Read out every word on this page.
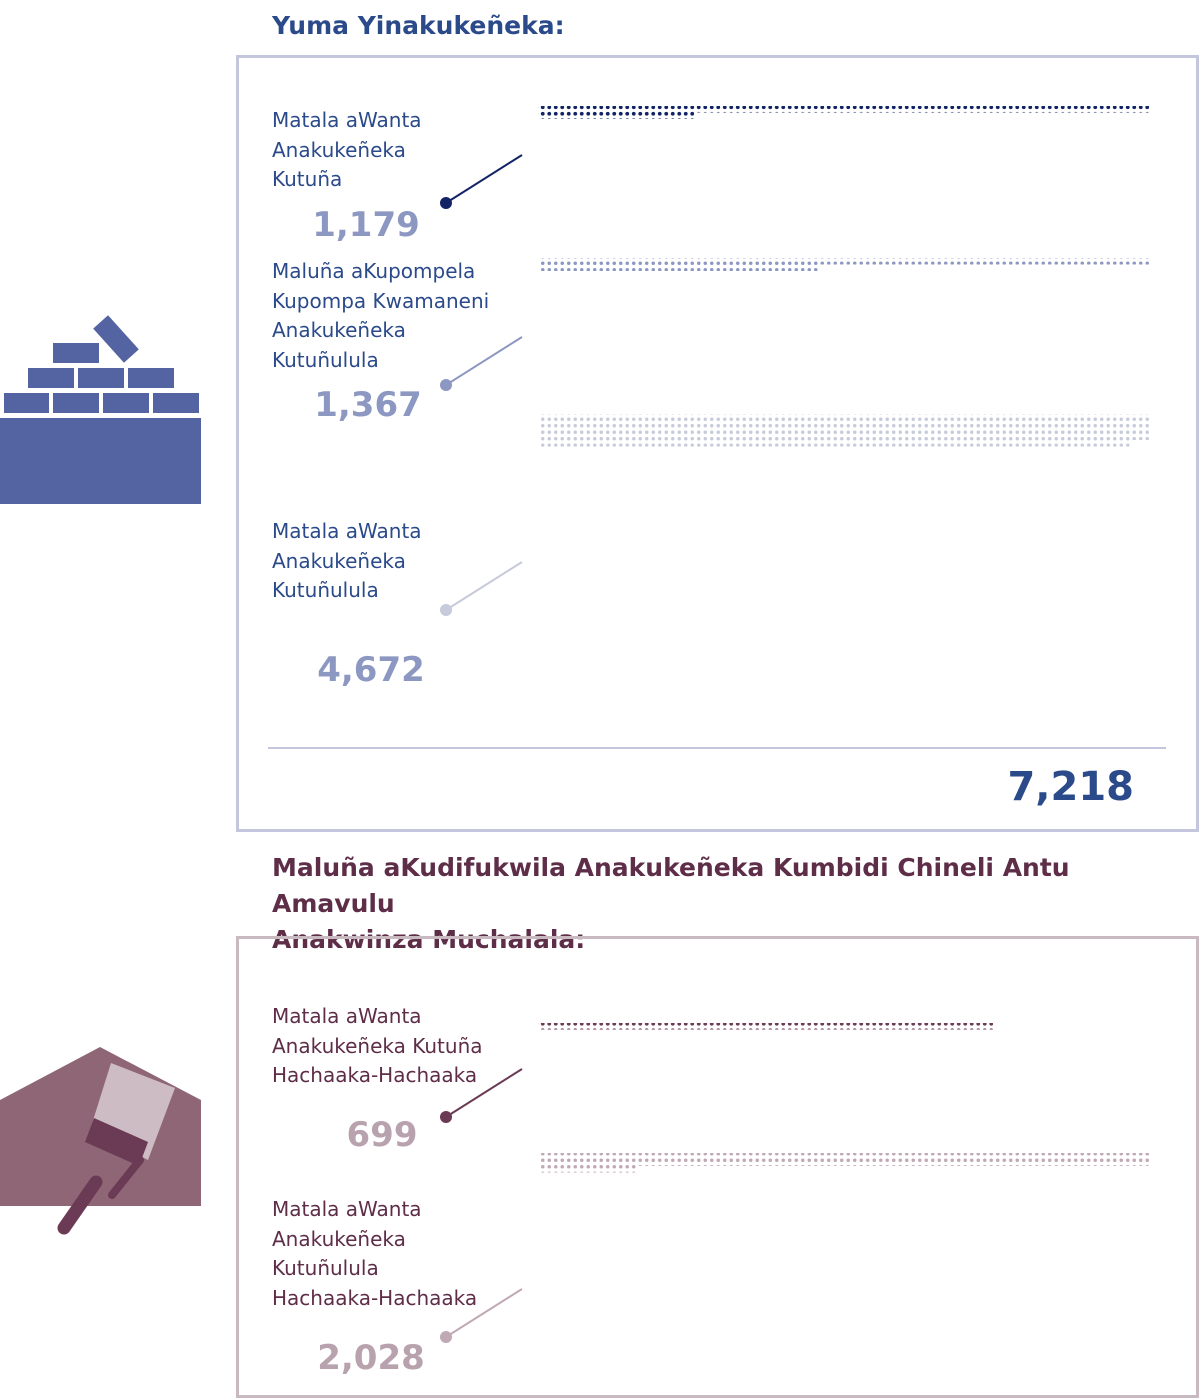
Yuma Yinakukeñeka:

Matala aWanta
Anakukeñeka
Kutuña

1,179

Maluña aKupompela
Kupompa Kwamaneni
Anakukeñeka
Kutuñulula

1,367

Matala aWanta
Anakukeñeka
Kutuñulula

4,672
7,218
Maluña aKudifukwila Anakukeñeka Kumbidi Chineli Antu Amavulu
Anakwinza Muchalala:

Matala aWanta
Anakukeñeka Kutuña
Hachaaka-Hachaaka

699

Matala aWanta
Anakukeñeka
Kutuñulula
Hachaaka-Hachaaka

2,028
